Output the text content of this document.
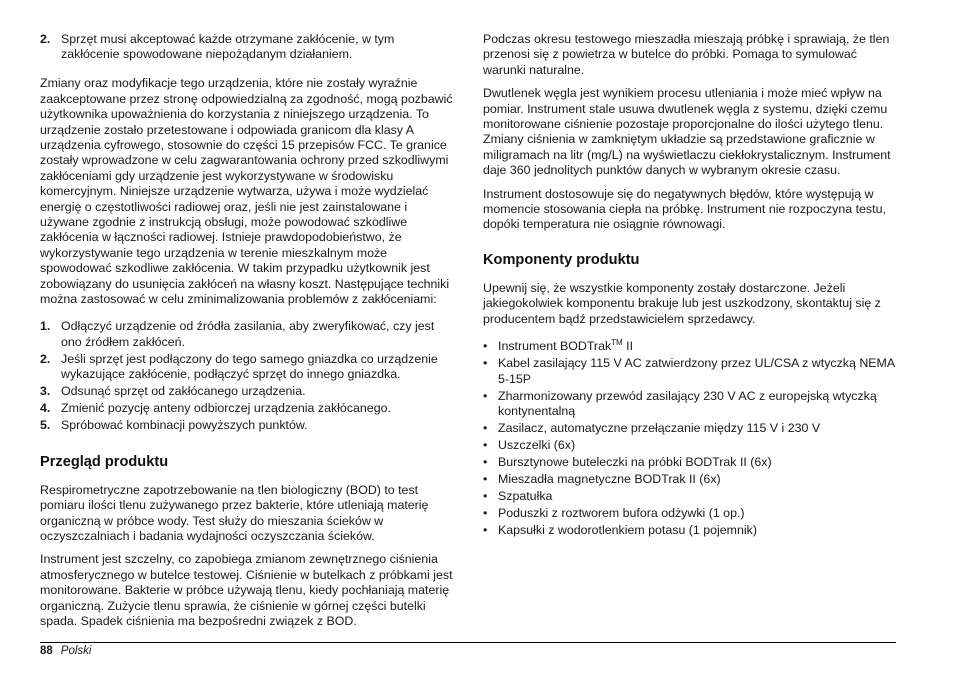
2. Sprzęt musi akceptować każde otrzymane zakłócenie, w tym zakłócenie spowodowane niepożądanym działaniem.

Zmiany oraz modyfikacje tego urządzenia, które nie zostały wyraźnie zaakceptowane przez stronę odpowiedzialną za zgodność, mogą pozbawić użytkownika upoważnienia do korzystania z niniejszego urządzenia. To urządzenie zostało przetestowane i odpowiada granicom dla klasy A urządzenia cyfrowego, stosownie do części 15 przepisów FCC. Te granice zostały wprowadzone w celu zagwarantowania ochrony przed szkodliwymi zakłóceniami gdy urządzenie jest wykorzystywane w środowisku komercyjnym. Niniejsze urządzenie wytwarza, używa i może wydzielać energię o częstotliwości radiowej oraz, jeśli nie jest zainstalowane i używane zgodnie z instrukcją obsługi, może powodować szkodliwe zakłócenia w łączności radiowej. Istnieje prawdopodobieństwo, że wykorzystywanie tego urządzenia w terenie mieszkalnym może spowodować szkodliwe zakłócenia. W takim przypadku użytkownik jest zobowiązany do usunięcia zakłóceń na własny koszt. Następujące techniki można zastosować w celu zminimalizowania problemów z zakłóceniami:

1. Odłączyć urządzenie od źródła zasilania, aby zweryfikować, czy jest ono źródłem zakłóceń.
2. Jeśli sprzęt jest podłączony do tego samego gniazdka co urządzenie wykazujące zakłócenie, podłączyć sprzęt do innego gniazdka.
3. Odsunąć sprzęt od zakłócanego urządzenia.
4. Zmienić pozycję anteny odbiorczej urządzenia zakłócanego.
5. Spróbować kombinacji powyższych punktów.
Przegląd produktu

Respirometryczne zapotrzebowanie na tlen biologiczny (BOD) to test pomiaru ilości tlenu zużywanego przez bakterie, które utleniają materię organiczną w próbce wody. Test służy do mieszania ścieków w oczyszczalniach i badania wydajności oczyszczania ścieków.

Instrument jest szczelny, co zapobiega zmianom zewnętrznego ciśnienia atmosferycznego w butelce testowej. Ciśnienie w butelkach z próbkami jest monitorowane. Bakterie w próbce używają tlenu, kiedy pochłaniają materię organiczną. Zużycie tlenu sprawia, że ciśnienie w górnej części butelki spada. Spadek ciśnienia ma bezpośredni związek z BOD.

Podczas okresu testowego mieszadła mieszają próbkę i sprawiają, że tlen przenosi się z powietrza w butelce do próbki. Pomaga to symulować warunki naturalne.

Dwutlenek węgla jest wynikiem procesu utleniania i może mieć wpływ na pomiar. Instrument stale usuwa dwutlenek węgla z systemu, dzięki czemu monitorowane ciśnienie pozostaje proporcjonalne do ilości użytego tlenu. Zmiany ciśnienia w zamkniętym układzie są przedstawione graficznie w miligramach na litr (mg/L) na wyświetlaczu ciekłokrystalicznym. Instrument daje 360 jednolitych punktów danych w wybranym okresie czasu.

Instrument dostosowuje się do negatywnych błędów, które występują w momencie stosowania ciepła na próbkę. Instrument nie rozpoczyna testu, dopóki temperatura nie osiągnie równowagi.

Komponenty produktu

Upewnij się, że wszystkie komponenty zostały dostarczone. Jeżeli jakiegokolwiek komponentu brakuje lub jest uszkodzony, skontaktuj się z producentem bądź przedstawicielem sprzedawcy.

• Instrument BODTrak™ II
• Kabel zasilający 115 V AC zatwierdzony przez UL/CSA z wtyczką NEMA 5-15P
• Zharmonizowany przewód zasilający 230 V AC z europejską wtyczką kontynentalną
• Zasilacz, automatyczne przełączanie między 115 V i 230 V
• Uszczelki (6x)
• Bursztynowe buteleczki na próbki BODTrak II (6x)
• Mieszadła magnetyczne BODTrak II (6x)
• Szpatułka
• Poduszki z roztworem bufora odżywki (1 op.)
• Kapsułki z wodorotlenkiem potasu (1 pojemnik)
88 Polski
